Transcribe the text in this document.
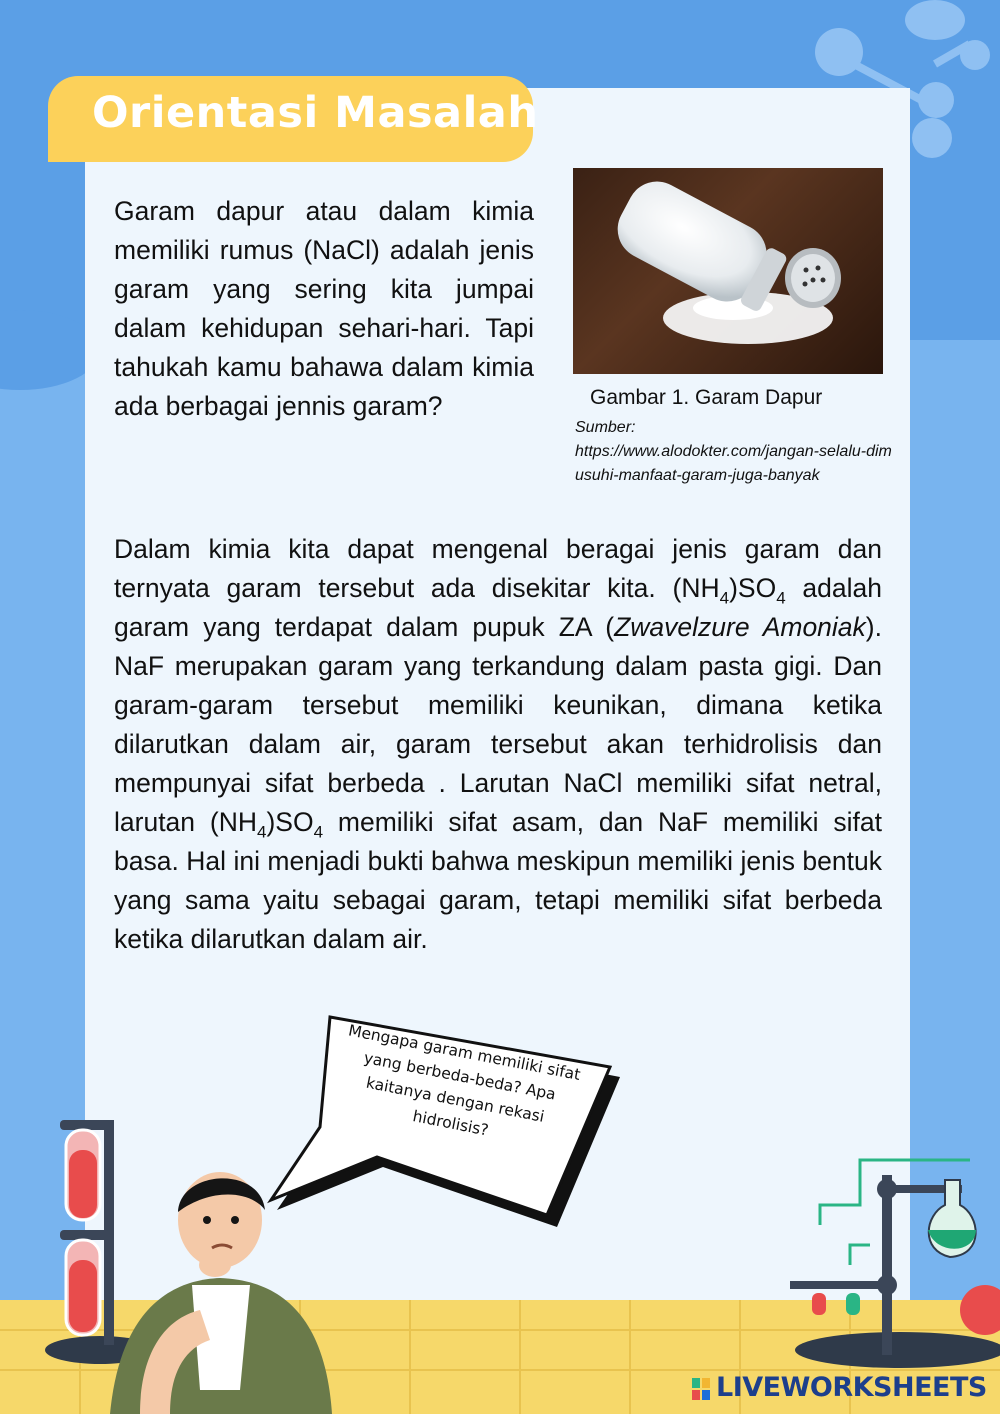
Orientasi Masalah
Garam dapur atau dalam kimia memiliki rumus (NaCl) adalah jenis garam yang sering kita jumpai dalam kehidupan sehari-hari. Tapi tahukah kamu bahawa dalam kimia ada berbagai jennis garam?	Gambar 1. Garam Dapur
Sumber:
https://www.alodokter.com/jangan-selalu-dimusuhi-manfaat-garam-juga-banyak
Dalam kimia kita dapat mengenal beragai jenis garam dan ternyata garam tersebut ada disekitar kita. $(NH_4)SO_4$ adalah garam yang terdapat dalam pupuk ZA (Zwavelzure Amoniak). NaF merupakan garam yang terkandung dalam pasta gigi. Dan garam-garam tersebut memiliki keunikan, dimana ketika dilarutkan dalam air, garam tersebut akan terhidrolisis dan mempunyai sifat berbeda . Larutan NaCl memiliki sifat netral, larutan $(NH_4)SO_4$ memiliki sifat asam, dan NaF memiliki sifat basa. Hal ini menjadi bukti bahwa meskipun memiliki jenis bentuk yang sama yaitu sebagai garam, tetapi memiliki sifat berbeda ketika dilarutkan dalam air.
Mengapa garam memiliki sifat yang berbeda-beda? Apa kaitanya dengan rekasi hidrolisis?
LIVEWORKSHEETS
